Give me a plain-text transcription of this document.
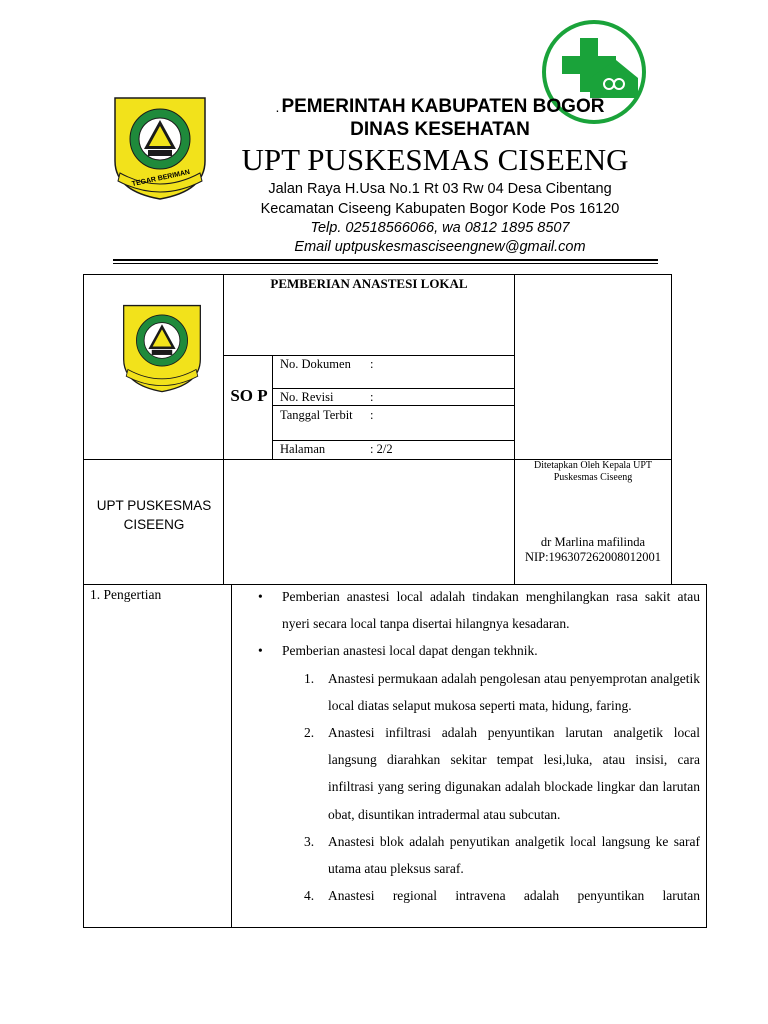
TEGAR BERIMAN
. PEMERINTAH KABUPATEN BOGOR
DINAS KESEHATAN
UPT PUSKESMAS CISEENG
Jalan Raya H.Usa No.1 Rt 03 Rw 04 Desa Cibentang
Kecamatan Ciseeng Kabupaten Bogor Kode Pos 16120
Telp. 02518566066, wa 0812 1895 8507
Email uptpuskesmasciseengnew@gmail.com
PEMBERIAN ANASTESI LOKAL
SO P
No. Dokumen	:
No. Revisi	:
Tanggal Terbit	:
Halaman	: 2/2
UPT PUSKESMAS CISEENG
Ditetapkan Oleh Kepala UPT Puskesmas Ciseeng
dr Marlina mafilinda
NIP:196307262008012001
1. Pengertian	• Pemberian anastesi local adalah tindakan menghilangkan rasa sakit atau nyeri secara local tanpa disertai hilangnya kesadaran.
• Pemberian anastesi local dapat dengan tekhnik.
1. Anastesi permukaan adalah pengolesan atau penyemprotan analgetik local diatas selaput mukosa seperti mata, hidung, faring.
2. Anastesi infiltrasi adalah penyuntikan larutan analgetik local langsung diarahkan sekitar tempat lesi,luka, atau insisi, cara infiltrasi yang sering digunakan adalah blockade lingkar dan larutan obat, disuntikan intradermal atau subcutan.
3. Anastesi blok adalah penyutikan analgetik local langsung ke saraf utama atau pleksus saraf.
4. Anastesi regional intravena adalah penyuntikan larutan
